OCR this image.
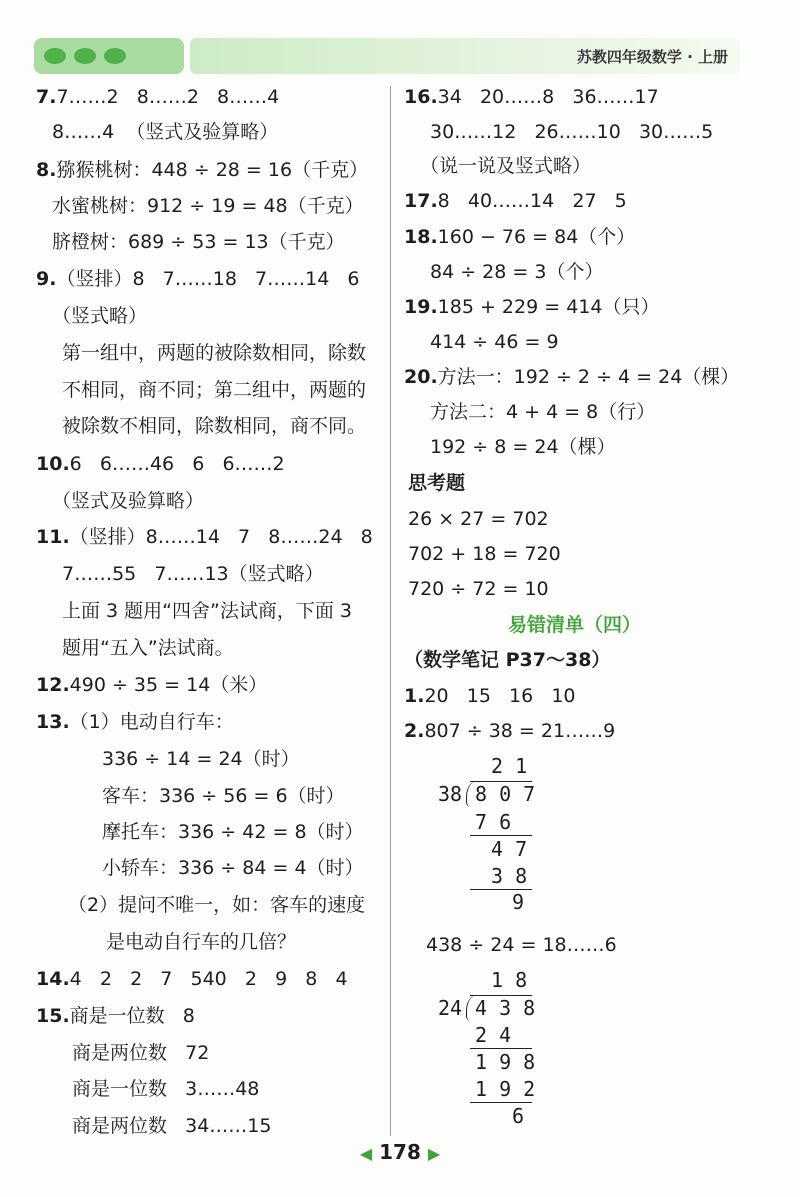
苏教四年级数学 · 上册
7.7……2   8……2   8……4
8……4  （竖式及验算略）
8.猕猴桃树：448 ÷ 28 = 16（千克）
水蜜桃树：912 ÷ 19 = 48（千克）
脐橙树：689 ÷ 53 = 13（千克）
9.（竖排）8   7……18   7……14   6
（竖式略）
第一组中，两题的被除数相同，除数
不相同，商不同；第二组中，两题的
被除数不相同，除数相同，商不同。
10.6   6……46   6   6……2
（竖式及验算略）
11.（竖排）8……14   7   8……24   8
7……55   7……13（竖式略）
上面 3 题用“四舍”法试商，下面 3
题用“五入”法试商。
12.490 ÷ 35 = 14（米）
13.（1）电动自行车：
336 ÷ 14 = 24（时）
客车：336 ÷ 56 = 6（时）
摩托车：336 ÷ 42 = 8（时）
小轿车：336 ÷ 84 = 4（时）
（2）提问不唯一，如：客车的速度
是电动自行车的几倍？
14.4   2   2   7   540   2   9   8   4
15.商是一位数   8
商是两位数   72
商是一位数   3……48
商是两位数   34……15
16.34   20……8   36……17
30……12   26……10   30……5
（说一说及竖式略）
17.8   40……14   27   5
18.160 − 76 = 84（个）
84 ÷ 28 = 3（个）
19.185 + 229 = 414（只）
414 ÷ 46 = 9
20.方法一：192 ÷ 2 ÷ 4 = 24（棵）
方法二：4 + 4 = 8（行）
192 ÷ 8 = 24（棵）
思考题
26 × 27 = 702
702 + 18 = 720
720 ÷ 72 = 10
易错清单（四）
（数学笔记 P37～38）
1.20   15   16   10
2.807 ÷ 38 = 21……9
2 1
38 8 0 7
7 6
4 7
3 8
9
438 ÷ 24 = 18……6
1 8
24 4 3 8
2 4
1 9 8
1 9 2
6
◀ 178 ▶
